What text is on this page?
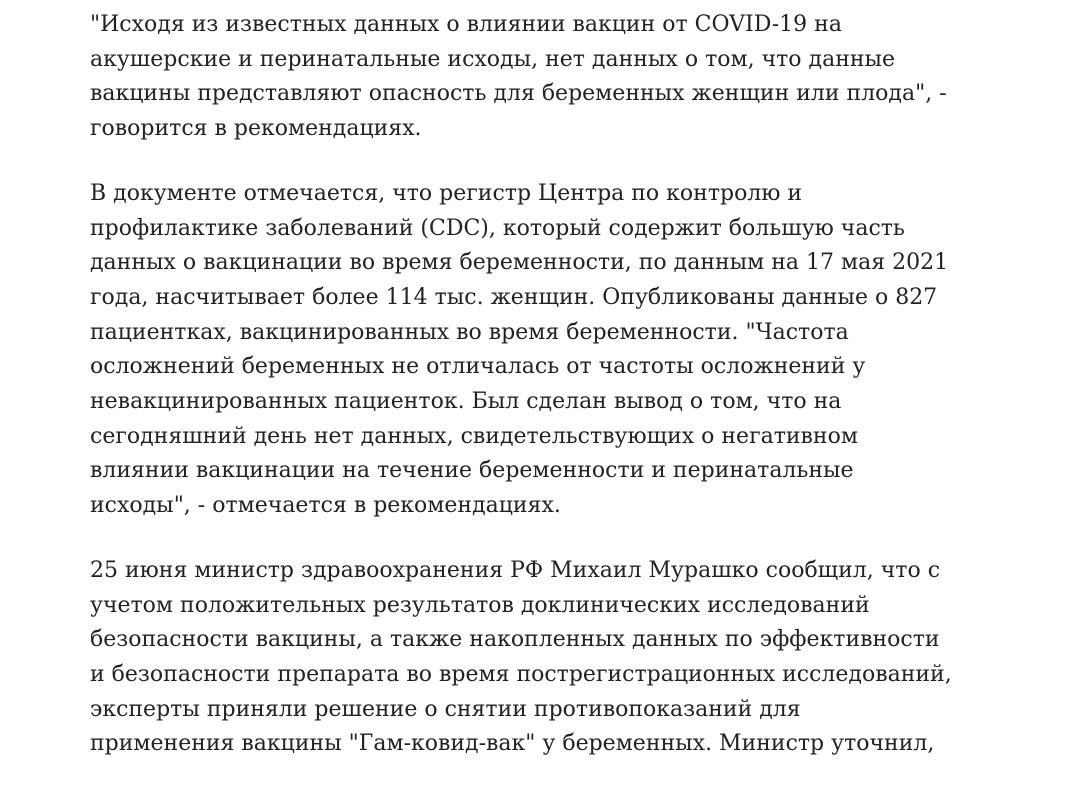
"Исходя из известных данных о влиянии вакцин от COVID-19 на
акушерские и перинатальные исходы, нет данных о том, что данные
вакцины представляют опасность для беременных женщин или плода", -
говорится в рекомендациях.

В документе отмечается, что регистр Центра по контролю и
профилактике заболеваний (CDC), который содержит большую часть
данных о вакцинации во время беременности, по данным на 17 мая 2021
года, насчитывает более 114 тыс. женщин. Опубликованы данные о 827
пациентках, вакцинированных во время беременности. "Частота
осложнений беременных не отличалась от частоты осложнений у
невакцинированных пациенток. Был сделан вывод о том, что на
сегодняшний день нет данных, свидетельствующих о негативном
влиянии вакцинации на течение беременности и перинатальные
исходы", - отмечается в рекомендациях.

25 июня министр здравоохранения РФ Михаил Мурашко сообщил, что с
учетом положительных результатов доклинических исследований
безопасности вакцины, а также накопленных данных по эффективности
и безопасности препарата во время пострегистрационных исследований,
эксперты приняли решение о снятии противопоказаний для
применения вакцины "Гам-ковид-вак" у беременных. Министр уточнил,
